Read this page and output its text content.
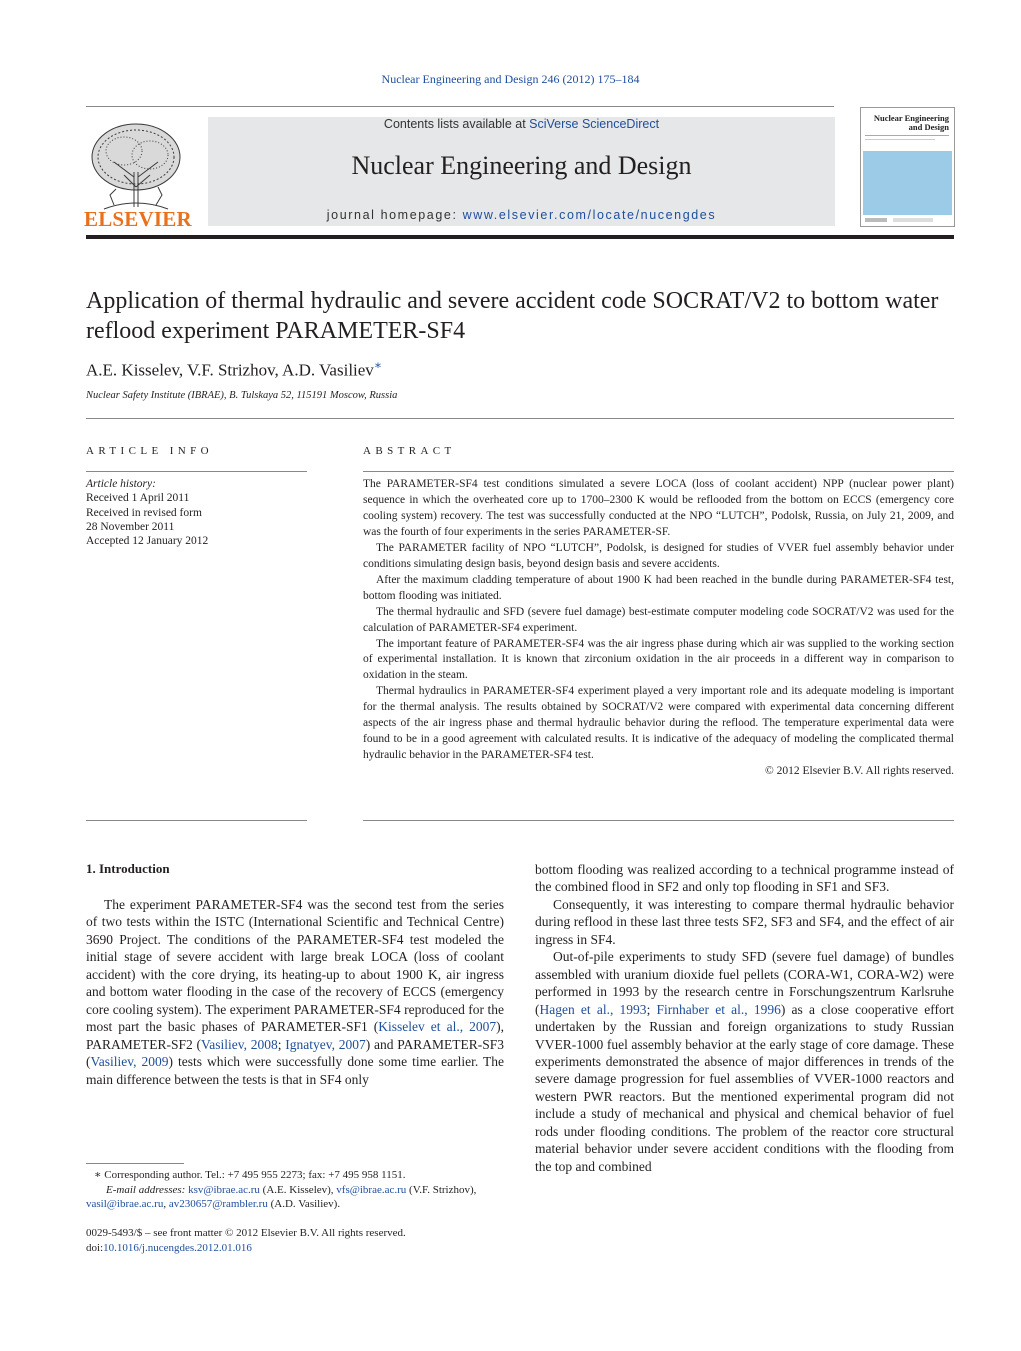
Nuclear Engineering and Design 246 (2012) 175–184
ELSEVIER
Contents lists available at SciVerse ScienceDirect
Nuclear Engineering and Design
journal homepage: www.elsevier.com/locate/nucengdes
Nuclear Engineering
and Design
Application of thermal hydraulic and severe accident code SOCRAT/V2 to bottom water reflood experiment PARAMETER-SF4
A.E. Kisselev, V.F. Strizhov, A.D. Vasiliev∗
Nuclear Safety Institute (IBRAE), B. Tulskaya 52, 115191 Moscow, Russia
ARTICLE INFO
Article history:
Received 1 April 2011
Received in revised form
28 November 2011
Accepted 12 January 2012
ABSTRACT

The PARAMETER-SF4 test conditions simulated a severe LOCA (loss of coolant accident) NPP (nuclear power plant) sequence in which the overheated core up to 1700–2300 K would be reflooded from the bottom on ECCS (emergency core cooling system) recovery. The test was successfully conducted at the NPO “LUTCH”, Podolsk, Russia, on July 21, 2009, and was the fourth of four experiments in the series PARAMETER-SF.

The PARAMETER facility of NPO “LUTCH”, Podolsk, is designed for studies of VVER fuel assembly behavior under conditions simulating design basis, beyond design basis and severe accidents.

After the maximum cladding temperature of about 1900 K had been reached in the bundle during PARAMETER-SF4 test, bottom flooding was initiated.

The thermal hydraulic and SFD (severe fuel damage) best-estimate computer modeling code SOCRAT/V2 was used for the calculation of PARAMETER-SF4 experiment.

The important feature of PARAMETER-SF4 was the air ingress phase during which air was supplied to the working section of experimental installation. It is known that zirconium oxidation in the air proceeds in a different way in comparison to oxidation in the steam.

Thermal hydraulics in PARAMETER-SF4 experiment played a very important role and its adequate modeling is important for the thermal analysis. The results obtained by SOCRAT/V2 were compared with experimental data concerning different aspects of the air ingress phase and thermal hydraulic behavior during the reflood. The temperature experimental data were found to be in a good agreement with calculated results. It is indicative of the adequacy of modeling the complicated thermal hydraulic behavior in the PARAMETER-SF4 test.

© 2012 Elsevier B.V. All rights reserved.

1. Introduction

The experiment PARAMETER-SF4 was the second test from the series of two tests within the ISTC (International Scientific and Technical Centre) 3690 Project. The conditions of the PARAMETER-SF4 test modeled the initial stage of severe accident with large break LOCA (loss of coolant accident) with the core drying, its heating-up to about 1900 K, air ingress and bottom water flooding in the case of the recovery of ECCS (emergency core cooling system). The experiment PARAMETER-SF4 reproduced for the most part the basic phases of PARAMETER-SF1 (Kisselev et al., 2007), PARAMETER-SF2 (Vasiliev, 2008; Ignatyev, 2007) and PARAMETER-SF3 (Vasiliev, 2009) tests which were successfully done some time earlier. The main difference between the tests is that in SF4 only

bottom flooding was realized according to a technical programme instead of the combined flood in SF2 and only top flooding in SF1 and SF3.

Consequently, it was interesting to compare thermal hydraulic behavior during reflood in these last three tests SF2, SF3 and SF4, and the effect of air ingress in SF4.

Out-of-pile experiments to study SFD (severe fuel damage) of bundles assembled with uranium dioxide fuel pellets (CORA-W1, CORA-W2) were performed in 1993 by the research centre in Forschungszentrum Karlsruhe (Hagen et al., 1993; Firnhaber et al., 1996) as a close cooperative effort undertaken by the Russian and foreign organizations to study Russian VVER-1000 fuel assembly behavior at the early stage of core damage. These experiments demonstrated the absence of major differences in trends of the severe damage progression for fuel assemblies of VVER-1000 reactors and western PWR reactors. But the mentioned experimental program did not include a study of mechanical and physical and chemical behavior of fuel rods under flooding conditions. The problem of the reactor core structural material behavior under severe accident conditions with the flooding from the top and combined

∗ Corresponding author. Tel.: +7 495 955 2273; fax: +7 495 958 1151.
E-mail addresses: ksv@ibrae.ac.ru (A.E. Kisselev), vfs@ibrae.ac.ru (V.F. Strizhov),
vasil@ibrae.ac.ru, av230657@rambler.ru (A.D. Vasiliev).
0029-5493/$ – see front matter © 2012 Elsevier B.V. All rights reserved.
doi:10.1016/j.nucengdes.2012.01.016
